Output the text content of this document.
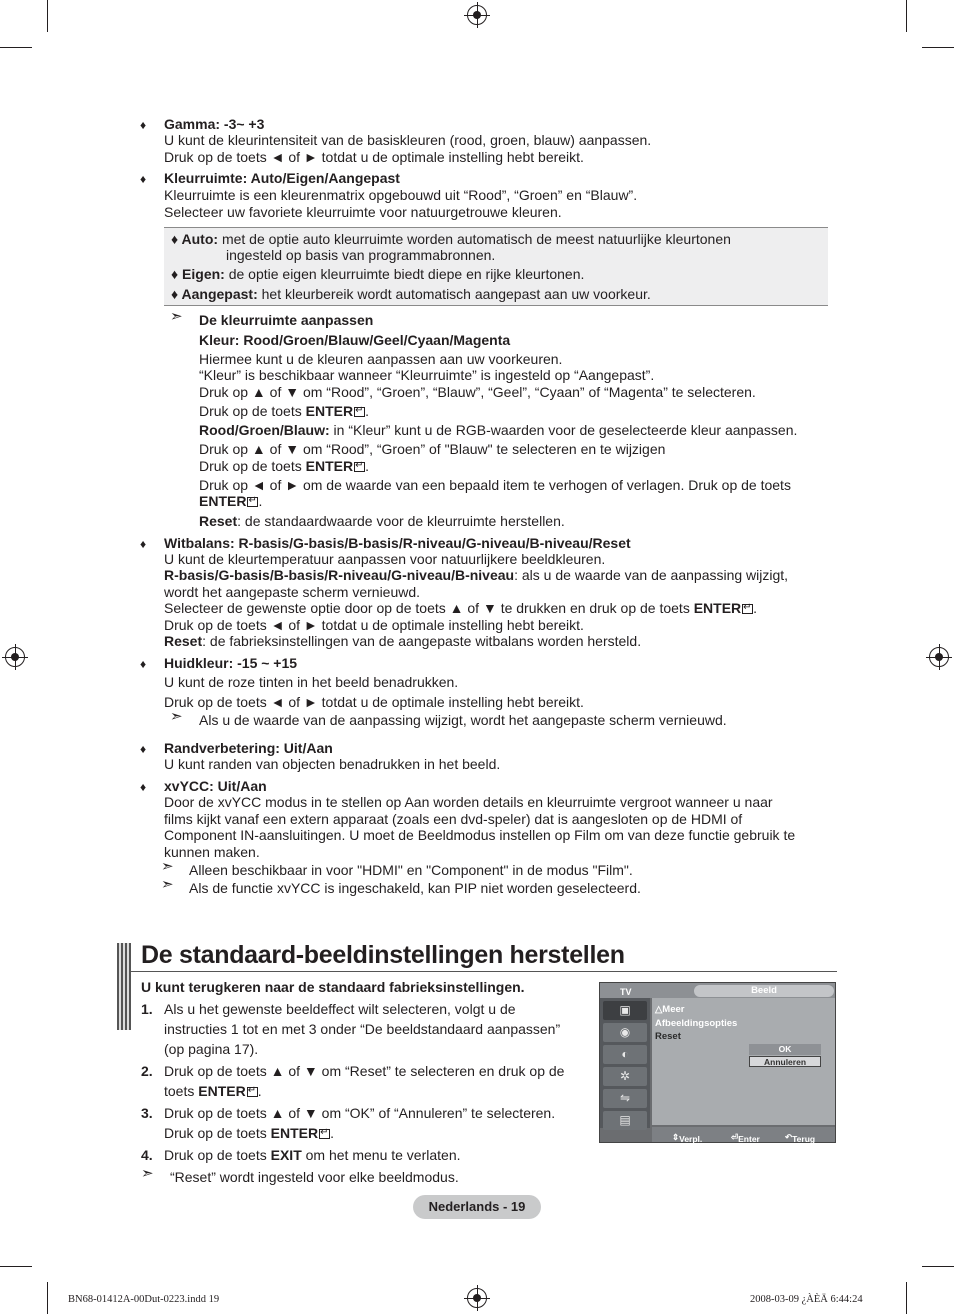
♦ Gamma: -3~ +3
U kunt de kleurintensiteit van de basiskleuren (rood, groen, blauw) aanpassen.
Druk op de toets ◄ of ► totdat u de optimale instelling hebt bereikt.
♦ Kleurruimte: Auto/Eigen/Aangepast
Kleurruimte is een kleurenmatrix opgebouwd uit “Rood”, “Groen” en “Blauw”.
Selecteer uw favoriete kleurruimte voor natuurgetrouwe kleuren.
♦ Auto: met de optie auto kleurruimte worden automatisch de meest natuurlijke kleurtonen
ingesteld op basis van programmabronnen.
♦ Eigen: de optie eigen kleurruimte biedt diepe en rijke kleurtonen.
♦ Aangepast: het kleurbereik wordt automatisch aangepast aan uw voorkeur.
➣ De kleurruimte aanpassen
Kleur: Rood/Groen/Blauw/Geel/Cyaan/Magenta
Hiermee kunt u de kleuren aanpassen aan uw voorkeuren.
“Kleur” is beschikbaar wanneer “Kleurruimte” is ingesteld op “Aangepast”.
Druk op ▲ of ▼ om “Rood”, “Groen”, “Blauw”, “Geel”, “Cyaan” of “Magenta” te selecteren.
Druk op de toets ENTER ↵ .
Rood/Groen/Blauw: in “Kleur” kunt u de RGB-waarden voor de geselecteerde kleur aanpassen.
Druk op ▲ of ▼ om “Rood”, “Groen” of "Blauw" te selecteren en te wijzigen
Druk op de toets ENTER ↵ .
Druk op ◄ of ► om de waarde van een bepaald item te verhogen of verlagen. Druk op de toets
ENTER ↵ .
Reset: de standaardwaarde voor de kleurruimte herstellen.
♦ Witbalans: R-basis/G-basis/B-basis/R-niveau/G-niveau/B-niveau/Reset
U kunt de kleurtemperatuur aanpassen voor natuurlijkere beeldkleuren.
R-basis/G-basis/B-basis/R-niveau/G-niveau/B-niveau: als u de waarde van de aanpassing wijzigt,
wordt het aangepaste scherm vernieuwd.
Selecteer de gewenste optie door op de toets ▲ of ▼ te drukken en druk op de toets ENTER ↵ .
Druk op de toets ◄ of ► totdat u de optimale instelling hebt bereikt.
Reset: de fabrieksinstellingen van de aangepaste witbalans worden hersteld.
♦ Huidkleur: -15 ~ +15
U kunt de roze tinten in het beeld benadrukken.
Druk op de toets ◄ of ► totdat u de optimale instelling hebt bereikt.
➣ Als u de waarde van de aanpassing wijzigt, wordt het aangepaste scherm vernieuwd.
♦ Randverbetering: Uit/Aan
U kunt randen van objecten benadrukken in het beeld.
♦ xvYCC: Uit/Aan
Door de xvYCC modus in te stellen op Aan worden details en kleurruimte vergroot wanneer u naar
films kijkt vanaf een extern apparaat (zoals een dvd-speler) dat is aangesloten op de HDMI of
Component IN-aansluitingen. U moet de Beeldmodus instellen op Film om van deze functie gebruik te
kunnen maken.
➣ Alleen beschikbaar in voor "HDMI" en "Component" in de modus "Film".
➣ Als de functie xvYCC is ingeschakeld, kan PIP niet worden geselecteerd.
De standaard-beeldinstellingen herstellen
U kunt terugkeren naar de standaard fabrieksinstellingen.
1. Als u het gewenste beeldeffect wilt selecteren, volgt u de
instructies 1 tot en met 3 onder “De beeldstandaard aanpassen”
(op pagina 17).
2. Druk op de toets ▲ of ▼ om “Reset” te selecteren en druk op de
toets ENTER ↵ .
3. Druk op de toets ▲ of ▼ om “OK” of “Annuleren” te selecteren.
Druk op de toets ENTER ↵ .
4. Druk op de toets EXIT om het menu te verlaten.
➣ “Reset” wordt ingesteld voor elke beeldmodus.
TV	Beeld
▣
◉
◐
✲
⇋
▤
△Meer
Afbeeldingsopties
Reset
OK
Annuleren
⇕ Verpl.	⏎ Enter	↶ Terug
Nederlands - 19
BN68-01412A-00Dut-0223.indd 19	2008-03-09 ¿ÀÈÄ 6:44:24
